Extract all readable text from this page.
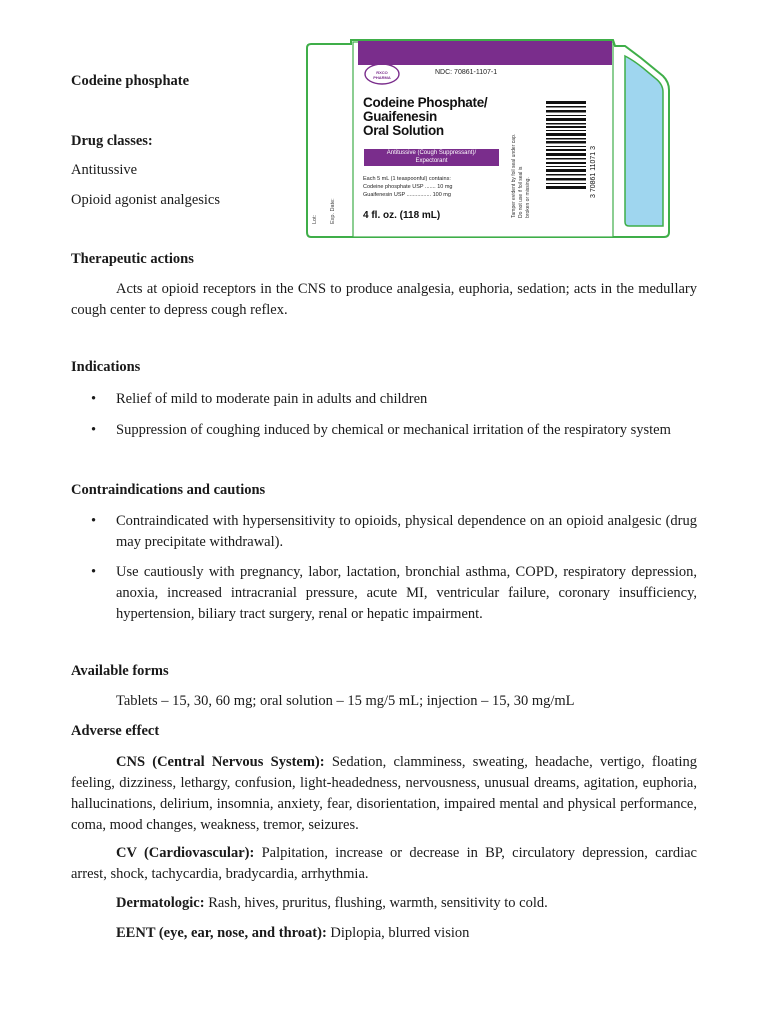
Codeine phosphate
Drug classes:
Antitussive
Opioid agonist analgesics
RXCO PHARMA
NDC: 70861-1107-1
Codeine Phosphate/
Guaifenesin
Oral Solution
Antitussive (Cough Suppressant)/
Expectorant
Each 5 mL (1 teaspoonful) contains:
Codeine phosphate USP ....... 10 mg
Guaifenesin USP ................ 100 mg
4 fl. oz. (118 mL)
Lot: Exp. Date:	Tamper evident by foil seal under cap. Do not use if foil seal is broken or missing.	3 70861 11071 3
Therapeutic actions
Acts at opioid receptors in the CNS to produce analgesia, euphoria, sedation; acts in the medullary cough center to depress cough reflex.
Indications
• Relief of mild to moderate pain in adults and children
• Suppression of coughing induced by chemical or mechanical irritation of the respiratory system
Contraindications and cautions
• Contraindicated with hypersensitivity to opioids, physical dependence on an opioid analgesic (drug may precipitate withdrawal).
• Use cautiously with pregnancy, labor, lactation, bronchial asthma, COPD, respiratory depression, anoxia, increased intracranial pressure, acute MI, ventricular failure, coronary insufficiency, hypertension, biliary tract surgery, renal or hepatic impairment.
Available forms
Tablets – 15, 30, 60 mg; oral solution – 15 mg/5 mL; injection – 15, 30 mg/mL
Adverse effect
CNS (Central Nervous System): Sedation, clamminess, sweating, headache, vertigo, floating feeling, dizziness, lethargy, confusion, light-headedness, nervousness, unusual dreams, agitation, euphoria, hallucinations, delirium, insomnia, anxiety, fear, disorientation, impaired mental and physical performance, coma, mood changes, weakness, tremor, seizures.
CV (Cardiovascular): Palpitation, increase or decrease in BP, circulatory depression, cardiac arrest, shock, tachycardia, bradycardia, arrhythmia.
Dermatologic: Rash, hives, pruritus, flushing, warmth, sensitivity to cold.
EENT (eye, ear, nose, and throat): Diplopia, blurred vision
